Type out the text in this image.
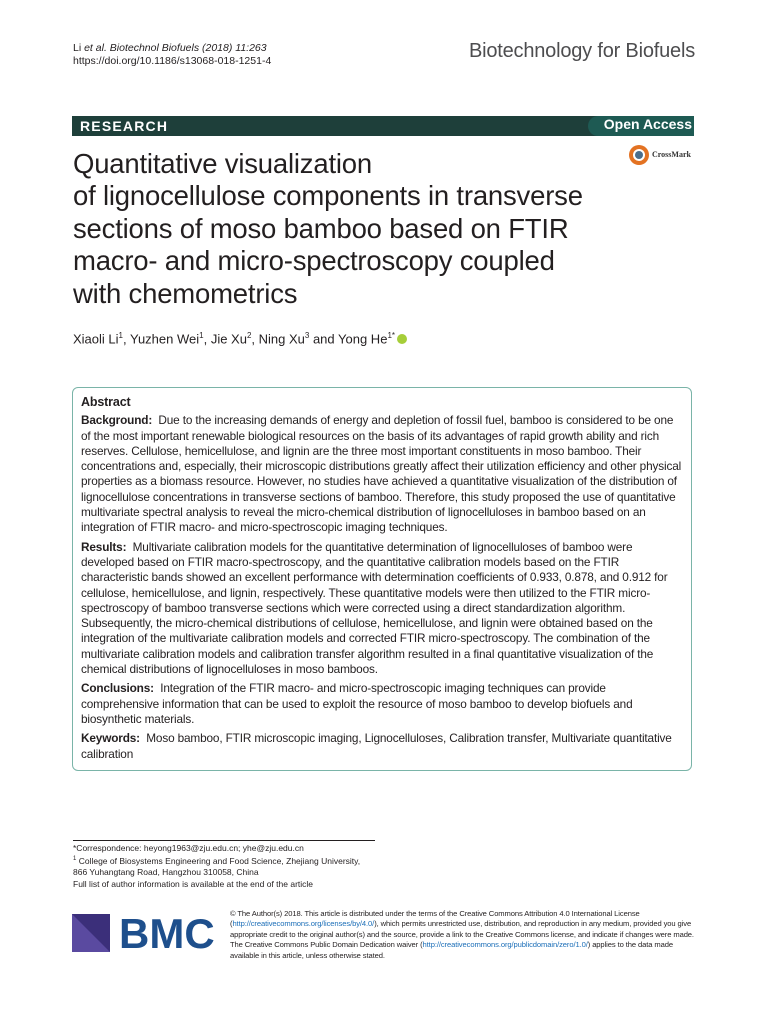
Li et al. Biotechnol Biofuels (2018) 11:263
https://doi.org/10.1186/s13068-018-1251-4	Biotechnology for Biofuels
RESEARCH	Open Access
CrossMark
Quantitative visualization
of lignocellulose components in transverse
sections of moso bamboo based on FTIR
macro- and micro-spectroscopy coupled
with chemometrics
Xiaoli Li$^1$, Yuzhen Wei$^1$, Jie Xu$^2$, Ning Xu$^3$ and Yong $He^{1*}$
Abstract

Background: Due to the increasing demands of energy and depletion of fossil fuel, bamboo is considered to be one of the most important renewable biological resources on the basis of its advantages of rapid growth ability and rich reserves. Cellulose, hemicellulose, and lignin are the three most important constituents in moso bamboo. Their concentrations and, especially, their microscopic distributions greatly affect their utilization efficiency and other physical properties as a biomass resource. However, no studies have achieved a quantitative visualization of the distribution of lignocellulose concentrations in transverse sections of bamboo. Therefore, this study proposed the use of quantitative multivariate spectral analysis to reveal the micro-chemical distribution of lignocelluloses in bamboo based on an integration of FTIR macro- and micro-spectroscopic imaging techniques.

Results: Multivariate calibration models for the quantitative determination of lignocelluloses of bamboo were developed based on FTIR macro-spectroscopy, and the quantitative calibration models based on the FTIR characteristic bands showed an excellent performance with determination coefficients of 0.933, 0.878, and 0.912 for cellulose, hemicellulose, and lignin, respectively. These quantitative models were then utilized to the FTIR micro-spectroscopy of bamboo transverse sections which were corrected using a direct standardization algorithm. Subsequently, the micro-chemical distributions of cellulose, hemicellulose, and lignin were obtained based on the integration of the multivariate calibration models and corrected FTIR micro-spectroscopy. The combination of the multivariate calibration models and calibration transfer algorithm resulted in a final quantitative visualization of the chemical distributions of lignocelluloses in moso bamboos.

Conclusions: Integration of the FTIR macro- and micro-spectroscopic imaging techniques can provide comprehensive information that can be used to exploit the resource of moso bamboo to develop biofuels and biosynthetic materials.

Keywords: Moso bamboo, FTIR microscopic imaging, Lignocelluloses, Calibration transfer, Multivariate quantitative calibration

*Correspondence: heyong1963@zju.edu.cn; yhe@zju.edu.cn
$^1$ College of Biosystems Engineering and Food Science, Zhejiang University, 866 Yuhangtang Road, Hangzhou 310058, China
Full list of author information is available at the end of the article
BMC © The Author(s) 2018. This article is distributed under the terms of the Creative Commons Attribution 4.0 International License (http://creativecommons.org/licenses/by/4.0/), which permits unrestricted use, distribution, and reproduction in any medium, provided you give appropriate credit to the original author(s) and the source, provide a link to the Creative Commons license, and indicate if changes were made. The Creative Commons Public Domain Dedication waiver (http://creativecommons.org/publicdomain/zero/1.0/) applies to the data made available in this article, unless otherwise stated.
